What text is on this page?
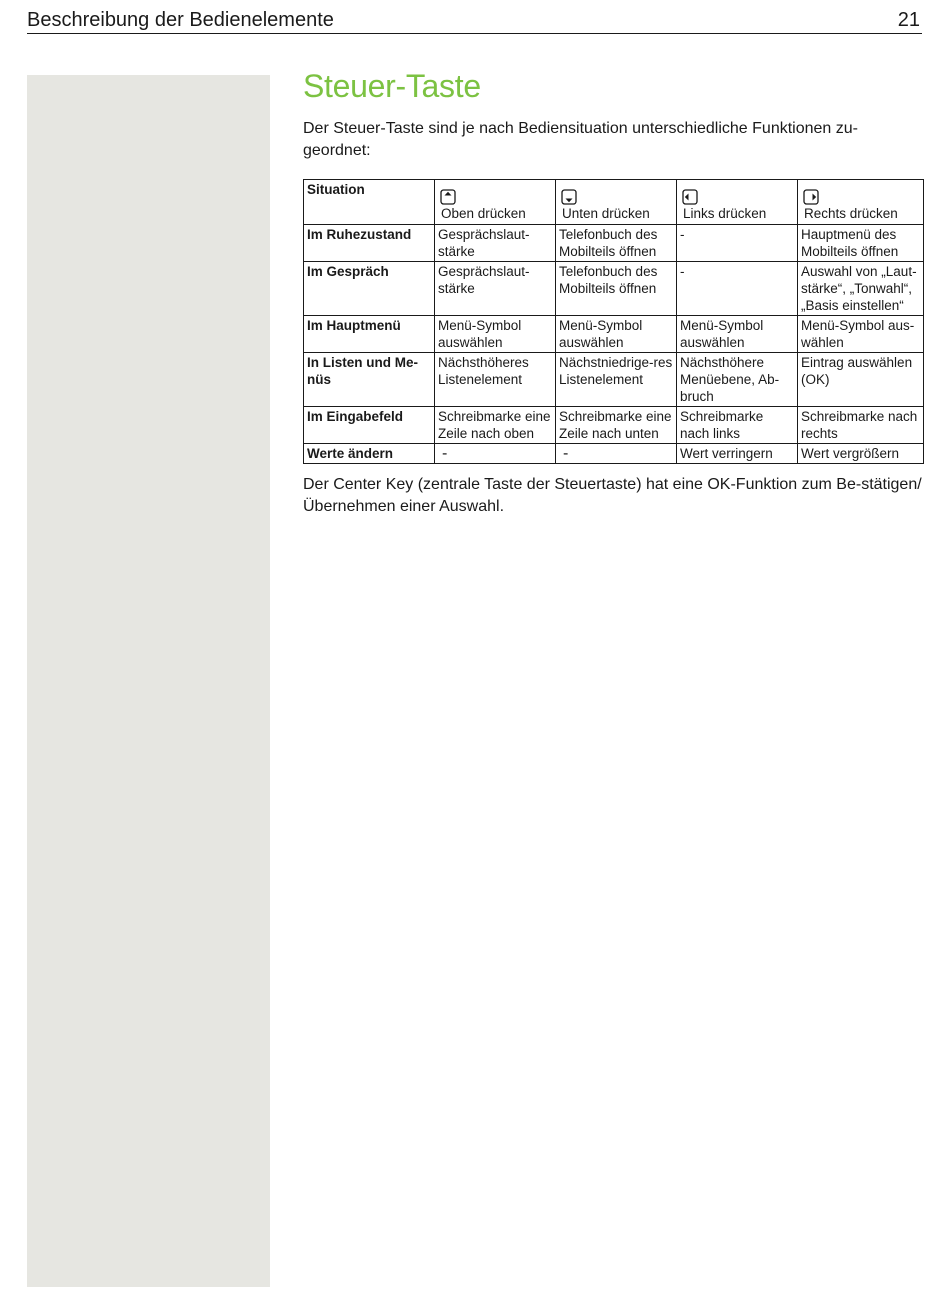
Beschreibung der Bedienelemente	21
Steuer-Taste

Der Steuer-Taste sind je nach Bediensituation unterschiedliche Funktionen zu-geordnet:

Situation	Oben drücken	Unten drücken	Links drücken	Rechts drücken

Im Ruhezustand	Gesprächslaut-stärke	Telefonbuch des Mobilteils öffnen	-	Hauptmenü des Mobilteils öffnen
Im Gespräch	Gesprächslaut-stärke	Telefonbuch des Mobilteils öffnen	-	Auswahl von „Laut-stärke“, „Tonwahl“, „Basis einstellen“
Im Hauptmenü	Menü-Symbol auswählen	Menü-Symbol auswählen	Menü-Symbol auswählen	Menü-Symbol aus-wählen
In Listen und Me-nüs	Nächsthöheres Listenelement	Nächstniedrige-res Listenelement	Nächsthöhere Menüebene, Ab-bruch	Eintrag auswählen (OK)
Im Eingabefeld	Schreibmarke eine Zeile nach oben	Schreibmarke eine Zeile nach unten	Schreibmarke nach links	Schreibmarke nach rechts
Werte ändern	-	-	Wert verringern	Wert vergrößern

Der Center Key (zentrale Taste der Steuertaste) hat eine OK-Funktion zum Be-stätigen/Übernehmen einer Auswahl.
